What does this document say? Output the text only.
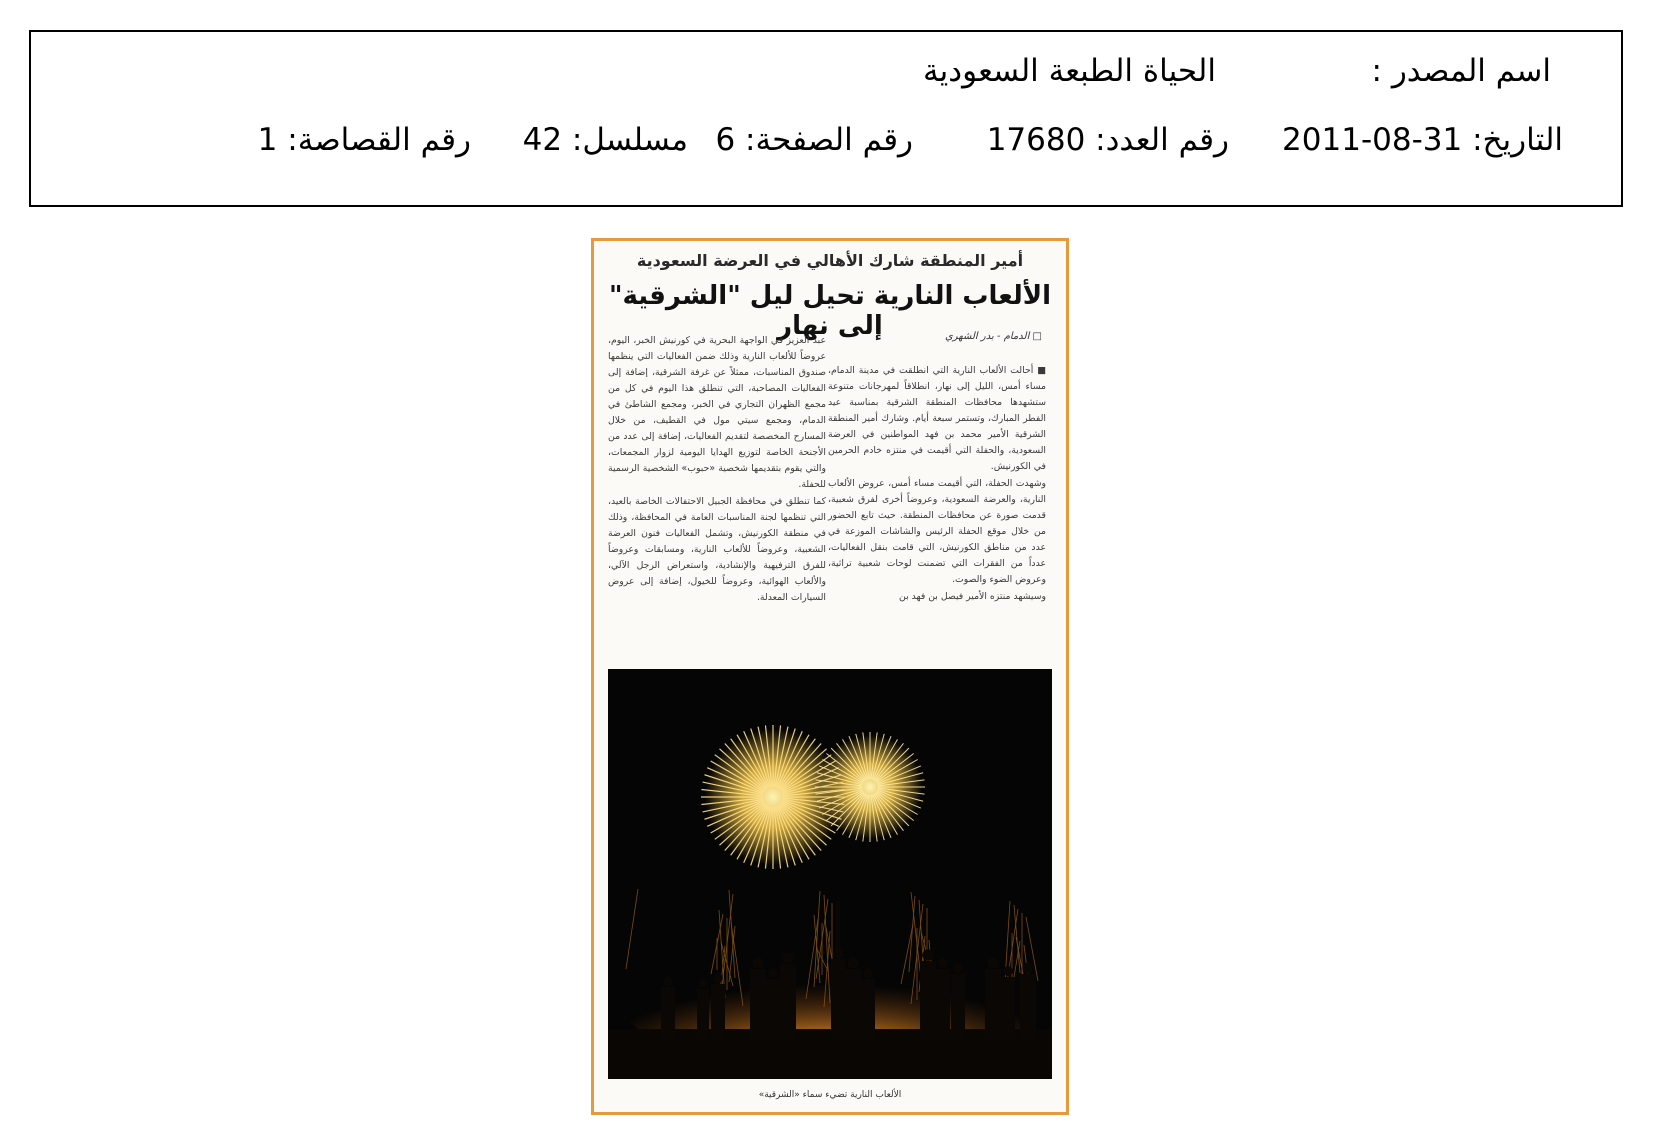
اسم المصدر :
الحياة الطبعة السعودية
التاريخ: 31-08-2011
رقم العدد: 17680
رقم الصفحة: 6
مسلسل: 42
رقم القصاصة: 1
أمير المنطقة شارك الأهالي في العرضة السعودية
الألعاب النارية تحيل ليل "الشرقية" إلى نهار	□ الدمام - بدر الشهري

■ أحالت الألعاب النارية التي انطلقت في مدينة الدمام، مساء أمس، الليل إلى نهار، انطلاقاً لمهرجانات متنوعة ستشهدها محافظات المنطقة الشرقية بمناسبة عيد الفطر المبارك، وتستمر سبعة أيام. وشارك أمير المنطقة الشرقية الأمير محمد بن فهد المواطنين في العرضة السعودية، والحفلة التي أقيمت في منتزه خادم الحرمين في الكورنيش.

وشهدت الحفلة، التي أقيمت مساء أمس، عروض الألعاب النارية، والعرضة السعودية، وعروضاً أخرى لفرق شعبية، قدمت صورة عن محافظات المنطقة. حيث تابع الحضور من خلال موقع الحفلة الرئيس والشاشات الموزعة في عدد من مناطق الكورنيش، التي قامت بنقل الفعاليات، عدداً من الفقرات التي تضمنت لوحات شعبية تراثية، وعروض الضوء والصوت.

وسيشهد منتزه الأمير فيصل بن فهد بن

عبد العزيز في الواجهة البحرية في كورنيش الخبر، اليوم، عروضاً للألعاب النارية وذلك ضمن الفعاليات التي ينظمها صندوق المناسبات، ممثلاً عن غرفة الشرقية، إضافة إلى الفعاليات المصاحبة، التي تنطلق هذا اليوم في كل من مجمع الظهران التجاري في الخبر، ومجمع الشاطئ في الدمام، ومجمع سيتي مول في القطيف، من خلال المسارح المخصصة لتقديم الفعاليات، إضافة إلى عدد من الأجنحة الخاصة لتوزيع الهدايا اليومية لزوار المجمعات، والتي يقوم بتقديمها شخصية «حبوب» الشخصية الرسمية للحفلة.

كما تنطلق في محافظة الجبيل الاحتفالات الخاصة بالعيد، التي تنظمها لجنة المناسبات العامة في المحافظة، وذلك في منطقة الكورنيش، وتشمل الفعاليات فنون العرضة الشعبية، وعروضاً للألعاب النارية، ومسابقات وعروضاً للفرق الترفيهية والإنشادية، واستعراض الرجل الآلي، والألعاب الهوائية، وعروضاً للخيول، إضافة إلى عروض السيارات المعدلة.

الألعاب النارية تضيء سماء «الشرقية»
